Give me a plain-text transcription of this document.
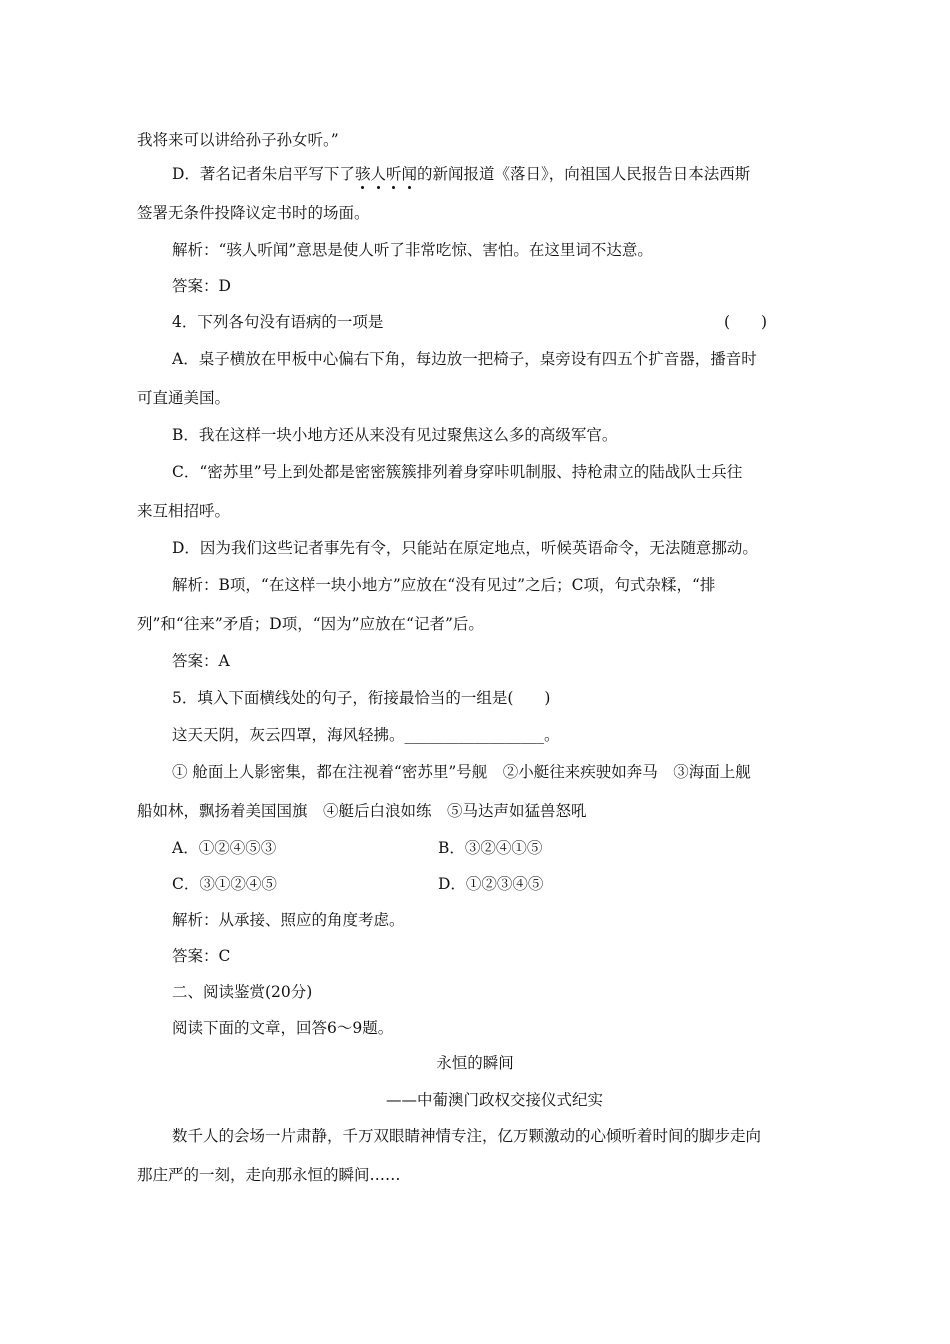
我将来可以讲给孙子孙女听。”
D．著名记者朱启平写下了骇人听闻的新闻报道《落日》，向祖国人民报告日本法西斯
签署无条件投降议定书时的场面。
解析：“骇人听闻”意思是使人听了非常吃惊、害怕。在这里词不达意。
答案：D
4．下列各句没有语病的一项是	(　　)
A．桌子横放在甲板中心偏右下角，每边放一把椅子，桌旁设有四五个扩音器，播音时
可直通美国。
B．我在这样一块小地方还从来没有见过聚焦这么多的高级军官。
C．“密苏里”号上到处都是密密簇簇排列着身穿咔叽制服、持枪肃立的陆战队士兵往
来互相招呼。
D．因为我们这些记者事先有令，只能站在原定地点，听候英语命令，无法随意挪动。
解析：B项，“在这样一块小地方”应放在“没有见过”之后；C项，句式杂糅，“排
列”和“往来”矛盾；D项，“因为”应放在“记者”后。
答案：A
5．填入下面横线处的句子，衔接最恰当的一组是(　　)
这天天阴，灰云四罩，海风轻拂。__________________。
① 舱面上人影密集，都在注视着“密苏里”号舰　②小艇往来疾驶如奔马　③海面上舰
船如林，飘扬着美国国旗　④艇后白浪如练　⑤马达声如猛兽怒吼
A．①②④⑤③	B．③②④①⑤
C．③①②④⑤	D．①②③④⑤
解析：从承接、照应的角度考虑。
答案：C
二、阅读鉴赏(20分)
阅读下面的文章，回答6～9题。
永恒的瞬间
——中葡澳门政权交接仪式纪实
数千人的会场一片肃静，千万双眼睛神情专注，亿万颗激动的心倾听着时间的脚步走向
那庄严的一刻，走向那永恒的瞬间……
